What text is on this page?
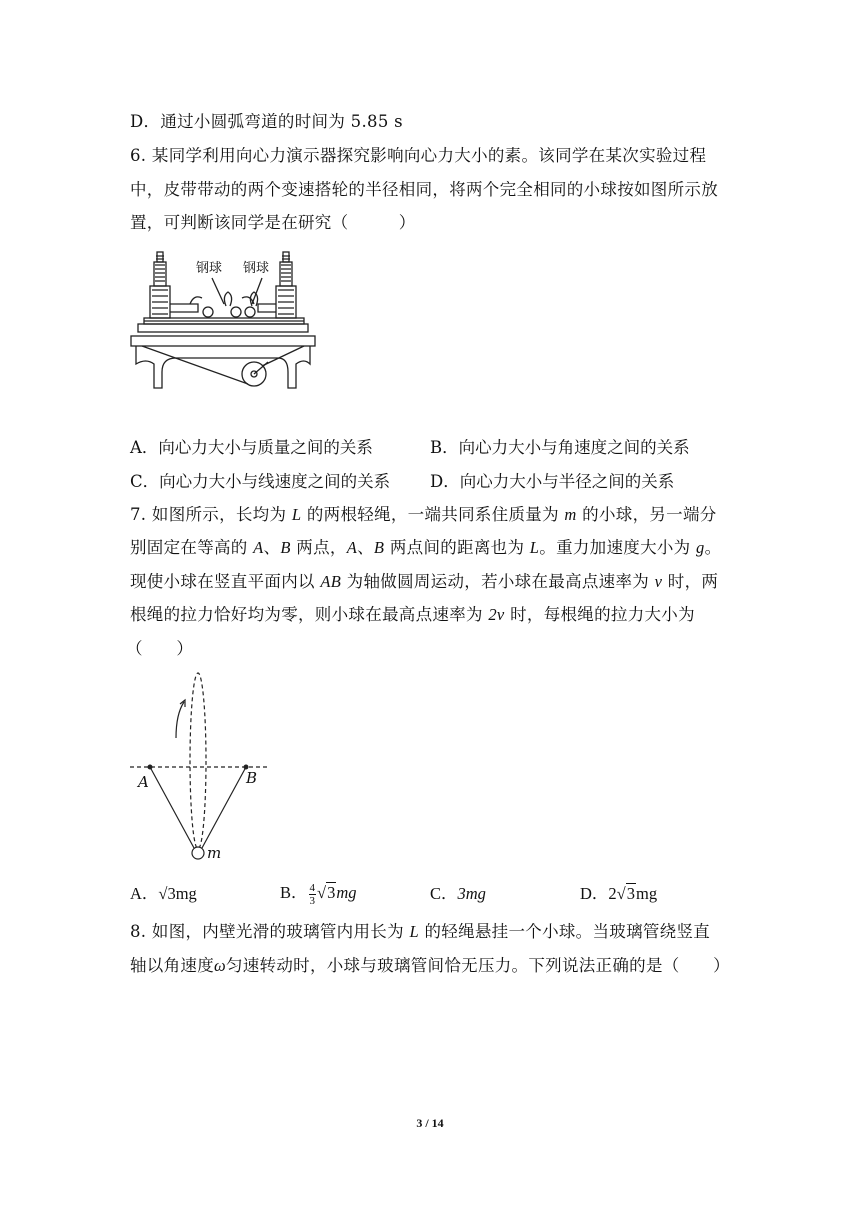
D．通过小圆弧弯道的时间为 5.85 s
6. 某同学利用向心力演示器探究影响向心力大小的素。该同学在某次实验过程
中，皮带带动的两个变速搭轮的半径相同，将两个完全相同的小球按如图所示放
置，可判断该同学是在研究（　　　）
钢球 钢球
A．向心力大小与质量之间的关系	B．向心力大小与角速度之间的关系
C．向心力大小与线速度之间的关系 D．向心力大小与半径之间的关系
7. 如图所示，长均为 L 的两根轻绳，一端共同系住质量为 m 的小球，另一端分
别固定在等高的 A、B 两点，A、B 两点间的距离也为 L。重力加速度大小为 g。
现使小球在竖直平面内以 AB 为轴做圆周运动，若小球在最高点速率为 v 时，两
根绳的拉力恰好均为零，则小球在最高点速率为 2v 时，每根绳的拉力大小为
（　　）
A	B
m
A．√3mg	B． $\frac{4}{3} √3mg$	C．3mg	D．2√3mg
8. 如图，内壁光滑的玻璃管内用长为 L 的轻绳悬挂一个小球。当玻璃管绕竖直
轴以角速度ω匀速转动时，小球与玻璃管间恰无压力。下列说法正确的是（　　）
3 / 14
